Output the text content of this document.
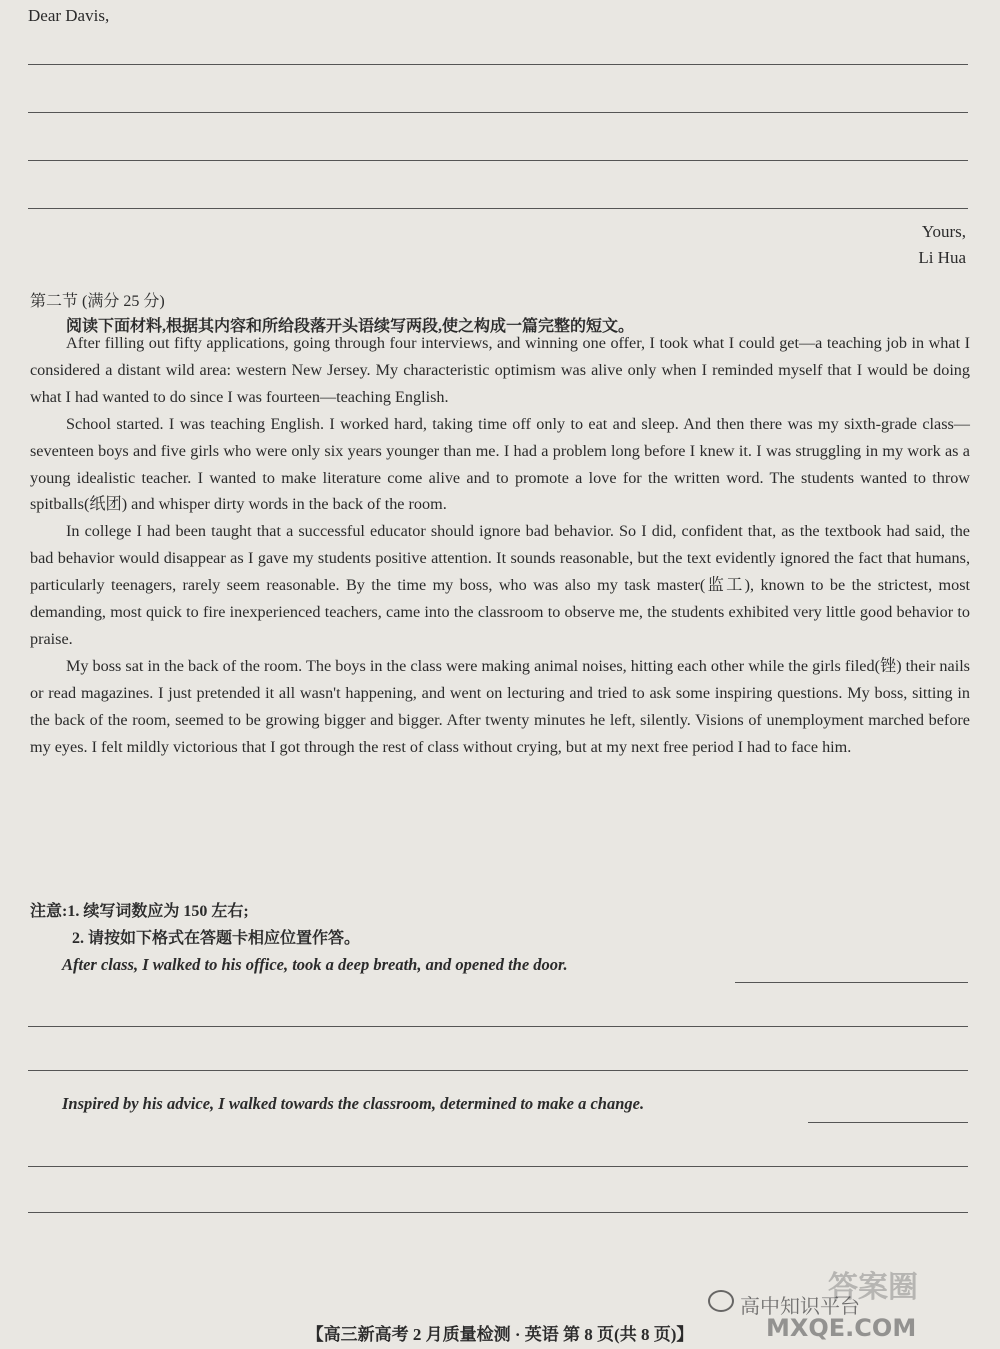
Dear Davis,
Yours,
Li Hua
第二节 (满分 25 分)
阅读下面材料,根据其内容和所给段落开头语续写两段,使之构成一篇完整的短文。

After filling out fifty applications, going through four interviews, and winning one offer, I took what I could get—a teaching job in what I considered a distant wild area: western New Jersey. My characteristic optimism was alive only when I reminded myself that I would be doing what I had wanted to do since I was fourteen—teaching English.

School started. I was teaching English. I worked hard, taking time off only to eat and sleep. And then there was my sixth-grade class—seventeen boys and five girls who were only six years younger than me. I had a problem long before I knew it. I was struggling in my work as a young idealistic teacher. I wanted to make literature come alive and to promote a love for the written word. The students wanted to throw spitballs(纸团) and whisper dirty words in the back of the room.

In college I had been taught that a successful educator should ignore bad behavior. So I did, confident that, as the textbook had said, the bad behavior would disappear as I gave my students positive attention. It sounds reasonable, but the text evidently ignored the fact that humans, particularly teenagers, rarely seem reasonable. By the time my boss, who was also my task master(监工), known to be the strictest, most demanding, most quick to fire inexperienced teachers, came into the classroom to observe me, the students exhibited very little good behavior to praise.

My boss sat in the back of the room. The boys in the class were making animal noises, hitting each other while the girls filed(锉) their nails or read magazines. I just pretended it all wasn't happening, and went on lecturing and tried to ask some inspiring questions. My boss, sitting in the back of the room, seemed to be growing bigger and bigger. After twenty minutes he left, silently. Visions of unemployment marched before my eyes. I felt mildly victorious that I got through the rest of class without crying, but at my next free period I had to face him.

注意:1. 续写词数应为 150 左右;
2. 请按如下格式在答题卡相应位置作答。
After class, I walked to his office, took a deep breath, and opened the door.
Inspired by his advice, I walked towards the classroom, determined to make a change.
答案圈
高中知识平台
MXQE.COM
【高三新高考 2 月质量检测 · 英语 第 8 页(共 8 页)】
